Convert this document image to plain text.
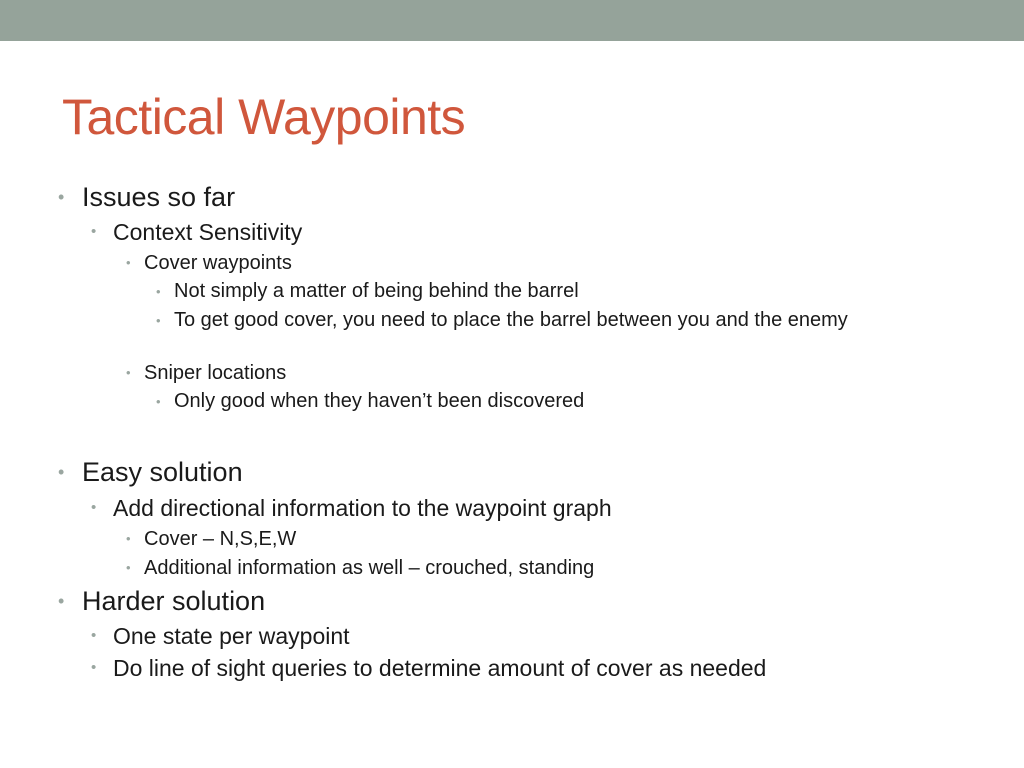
Tactical Waypoints
• Issues so far
• Context Sensitivity
• Cover waypoints
• Not simply a matter of being behind the barrel
• To get good cover, you need to place the barrel between you and the enemy
• Sniper locations
• Only good when they haven’t been discovered
• Easy solution
• Add directional information to the waypoint graph
• Cover – N,S,E,W
• Additional information as well – crouched, standing
• Harder solution
• One state per waypoint
• Do line of sight queries to determine amount of cover as needed
